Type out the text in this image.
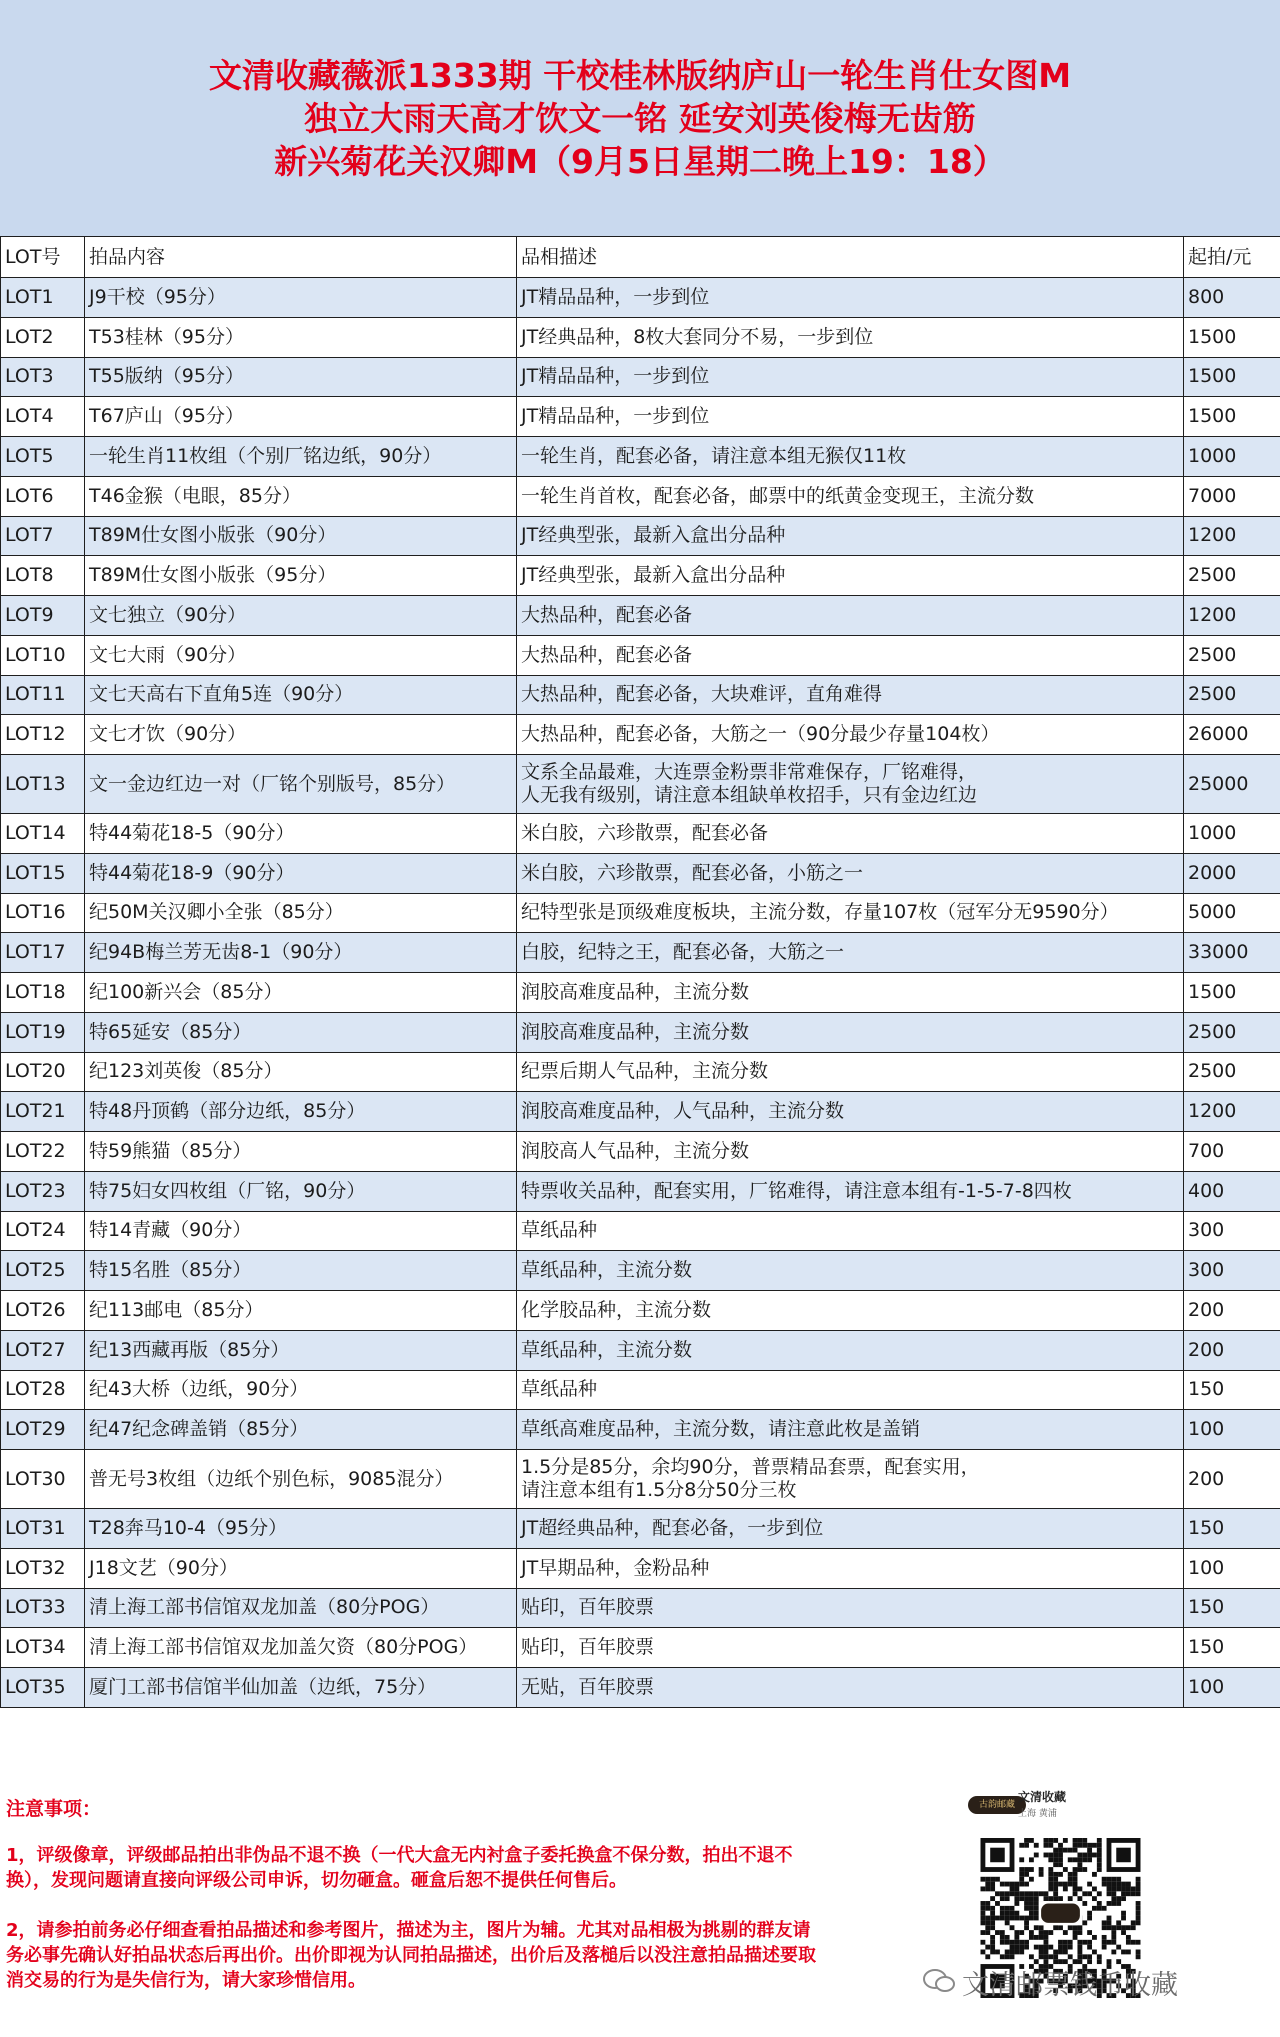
文清收藏薇派1333期 干校桂林版纳庐山一轮生肖仕女图M
独立大雨天高才饮文一铭 延安刘英俊梅无齿筋
新兴菊花关汉卿M（9月5日星期二晚上19：18）
LOT号	拍品内容	品相描述	起拍/元
LOT1	J9干校（95分）	JT精品品种，一步到位	800
LOT2	T53桂林（95分）	JT经典品种，8枚大套同分不易，一步到位	1500
LOT3	T55版纳（95分）	JT精品品种，一步到位	1500
LOT4	T67庐山（95分）	JT精品品种，一步到位	1500
LOT5	一轮生肖11枚组（个别厂铭边纸，90分）	一轮生肖，配套必备，请注意本组无猴仅11枚	1000
LOT6	T46金猴（电眼，85分）	一轮生肖首枚，配套必备，邮票中的纸黄金变现王，主流分数	7000
LOT7	T89M仕女图小版张（90分）	JT经典型张，最新入盒出分品种	1200
LOT8	T89M仕女图小版张（95分）	JT经典型张，最新入盒出分品种	2500
LOT9	文七独立（90分）	大热品种，配套必备	1200
LOT10	文七大雨（90分）	大热品种，配套必备	2500
LOT11	文七天高右下直角5连（90分）	大热品种，配套必备，大块难评，直角难得	2500
LOT12	文七才饮（90分）	大热品种，配套必备，大筋之一（90分最少存量104枚）	26000
LOT13	文一金边红边一对（厂铭个别版号，85分）	文系全品最难，大连票金粉票非常难保存，厂铭难得，
人无我有级别，请注意本组缺单枚招手，只有金边红边	25000
LOT14	特44菊花18-5（90分）	米白胶，六珍散票，配套必备	1000
LOT15	特44菊花18-9（90分）	米白胶，六珍散票，配套必备，小筋之一	2000
LOT16	纪50M关汉卿小全张（85分）	纪特型张是顶级难度板块，主流分数，存量107枚（冠军分无9590分）	5000
LOT17	纪94B梅兰芳无齿8-1（90分）	白胶，纪特之王，配套必备，大筋之一	33000
LOT18	纪100新兴会（85分）	润胶高难度品种，主流分数	1500
LOT19	特65延安（85分）	润胶高难度品种，主流分数	2500
LOT20	纪123刘英俊（85分）	纪票后期人气品种，主流分数	2500
LOT21	特48丹顶鹤（部分边纸，85分）	润胶高难度品种，人气品种，主流分数	1200
LOT22	特59熊猫（85分）	润胶高人气品种，主流分数	700
LOT23	特75妇女四枚组（厂铭，90分）	特票收关品种，配套实用，厂铭难得，请注意本组有-1-5-7-8四枚	400
LOT24	特14青藏（90分）	草纸品种	300
LOT25	特15名胜（85分）	草纸品种，主流分数	300
LOT26	纪113邮电（85分）	化学胶品种，主流分数	200
LOT27	纪13西藏再版（85分）	草纸品种，主流分数	200
LOT28	纪43大桥（边纸，90分）	草纸品种	150
LOT29	纪47纪念碑盖销（85分）	草纸高难度品种，主流分数，请注意此枚是盖销	100
LOT30	普无号3枚组（边纸个别色标，9085混分）	1.5分是85分，余均90分，普票精品套票，配套实用，
请注意本组有1.5分8分50分三枚	200
LOT31	T28奔马10-4（95分）	JT超经典品种，配套必备，一步到位	150
LOT32	J18文艺（90分）	JT早期品种，金粉品种	100
LOT33	清上海工部书信馆双龙加盖（80分POG）	贴印，百年胶票	150
LOT34	清上海工部书信馆双龙加盖欠资（80分POG）	贴印，百年胶票	150
LOT35	厦门工部书信馆半仙加盖（边纸，75分）	无贴，百年胶票	100
注意事项：
1，评级像章，评级邮品拍出非伪品不退不换（一代大盒无内衬盒子委托换盒不保分数，拍出不退不换），发现问题请直接向评级公司申诉，切勿砸盒。砸盒后恕不提供任何售后。
2，请参拍前务必仔细查看拍品描述和参考图片，描述为主，图片为辅。尤其对品相极为挑剔的群友请务必事先确认好拍品状态后再出价。出价即视为认同拍品描述，出价后及落槌后以没注意拍品描述要取消交易的行为是失信行为，请大家珍惜信用。
古韵邮藏
文清收藏
上海 黄浦
文清邮票钱币收藏
